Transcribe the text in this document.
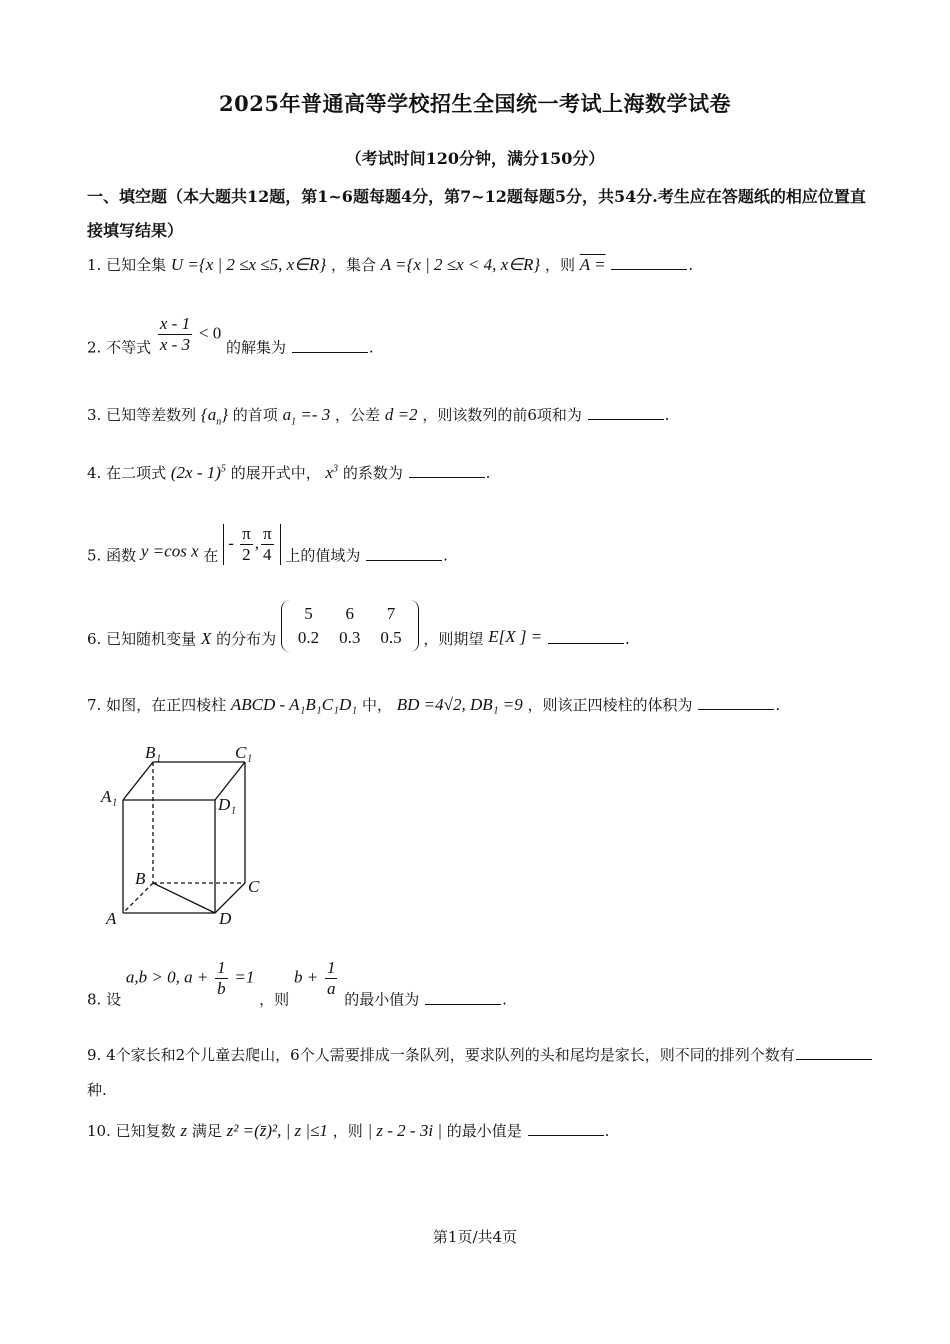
2025年普通高等学校招生全国统一考试上海数学试卷
（考试时间120分钟，满分150分）
一、填空题（本大题共12题，第1~6题每题4分，第7~12题每题5分，共54分.考生应在答题纸的相应位置直接填写结果）
1. 已知全集 U ={x | 2 ≤x ≤5, x∈R} ，集合 A ={x | 2 ≤x < 4, x∈R} ，则 A =	.
2. 不等式 $\frac{x - 1}{x - 3} < 0$ 的解集为	.
3. 已知等差数列 $\{a_n\}$ 的首项 $a_1 =- 3$ ，公差 d =2 ，则该数列的前6项和为	.
4. 在二项式 (2x - 1)$^5$ 的展开式中， $x^3$ 的系数为	.
5. 函数 y =cos x 在 - $\frac{\pi}{2}$ , $\frac{\pi}{4}$ 上的值域为	.
6. 已知随机变量 X 的分布为
5	6	7
0.2	0.3	0.5 ，则期望 E[X ] =	.
7. 如图，在正四棱柱 ABCD - A₁B₁C₁D₁ 中， BD =4√2, DB₁ =9 ，则该正四棱柱的体积为	.
B₁	C₁
A₁	D₁
B	C
A	D
8. 设 a,b > 0, $a + \frac{1}{b} =1$ ，则 $b + \frac{1}{a}$
的最小值为	.
9. 4个家长和2个儿童去爬山，6个人需要排成一条队列，要求队列的头和尾均是家长，则不同的排列个数有种.
10. 已知复数 z 满足 z² =(z̄)², | z |≤1 ，则 | z - 2 - 3i | 的最小值是	.
第1页/共4页
